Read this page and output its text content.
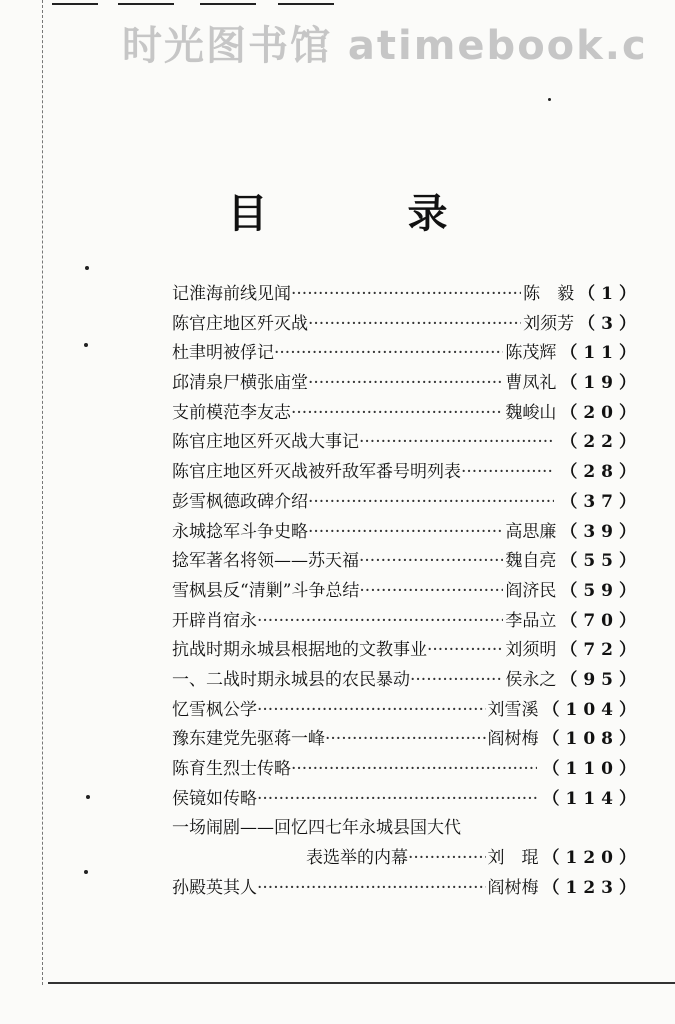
时光图书馆 atimebook.c
目　录
记淮海前线见闻 ·····	陈　毅 （1）
陈官庄地区歼灭战 ·····	刘须芳 （3）
杜聿明被俘记 ·····	陈茂辉 （11）
邱清泉尸横张庙堂 ·····	曹凤礼 （19）
支前模范李友志 ·····	魏峻山 （20）
陈官庄地区歼灭战大事记 ·····	（22）
陈官庄地区歼灭战被歼敌军番号明列表 ·····	（28）
彭雪枫德政碑介绍 ·····	（37）
永城捻军斗争史略 ·····	高思廉 （39）
捻军著名将领——苏天福 ·····	魏自亮 （55）
雪枫县反“清剿”斗争总结 ·····	阎济民 （59）
开辟肖宿永 ·····	李品立 （70）
抗战时期永城县根据地的文教事业 ·····	刘须明 （72）
一、二战时期永城县的农民暴动 ·····	侯永之 （95）
忆雪枫公学 ·····	刘雪溪 （104）
豫东建党先驱蒋一峰 ·····	阎树梅 （108）
陈育生烈士传略 ·····	（110）
侯镜如传略 ·····	（114）
一场闹剧——回忆四七年永城县国大代
表选举的内幕 ·····	刘　琨 （120）
孙殿英其人 ·····	阎树梅 （123）
